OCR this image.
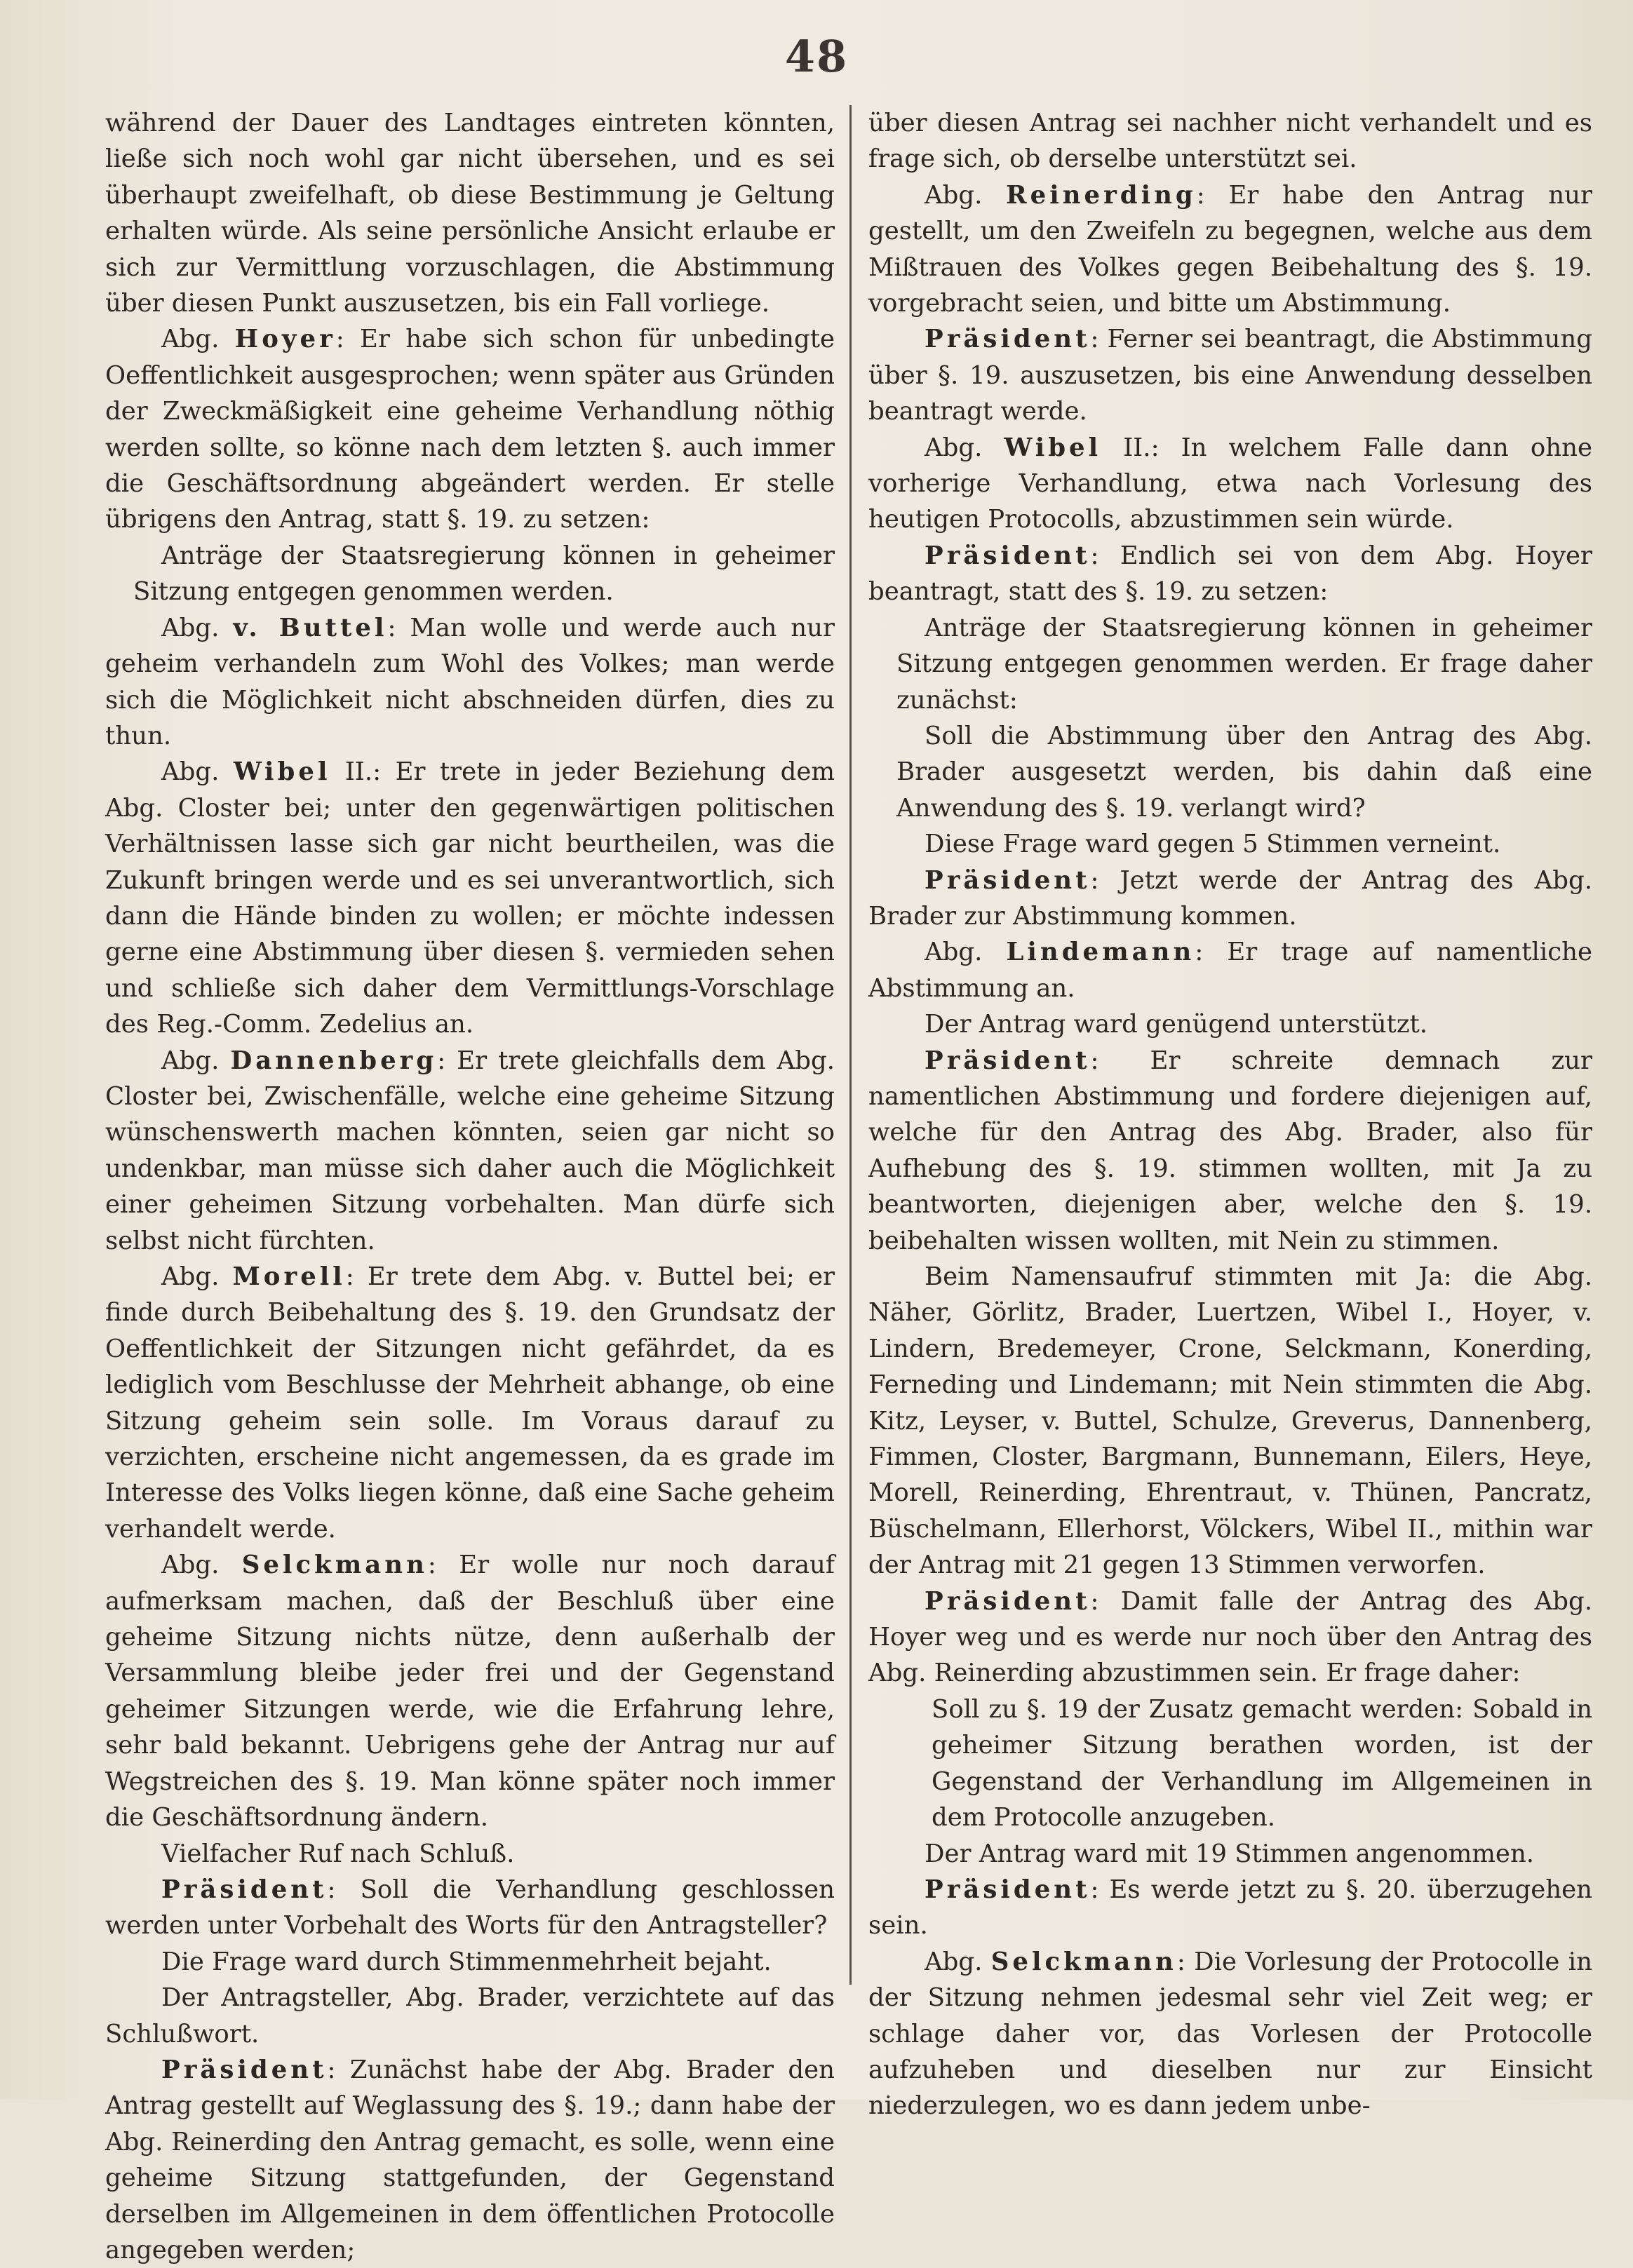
48

während der Dauer des Landtages eintreten könnten, ließe sich noch wohl gar nicht übersehen, und es sei überhaupt zweifelhaft, ob diese Bestimmung je Geltung erhalten würde. Als seine persönliche Ansicht erlaube er sich zur Vermittlung vorzuschlagen, die Abstimmung über diesen Punkt auszusetzen, bis ein Fall vorliege.

Abg. Hoyer: Er habe sich schon für unbedingte Oeffentlichkeit ausgesprochen; wenn später aus Gründen der Zweckmäßigkeit eine geheime Verhandlung nöthig werden sollte, so könne nach dem letzten §. auch immer die Geschäftsordnung abgeändert werden. Er stelle übrigens den Antrag, statt §. 19. zu setzen:

Anträge der Staatsregierung können in geheimer Sitzung entgegen genommen werden.

Abg. v. Buttel: Man wolle und werde auch nur geheim verhandeln zum Wohl des Volkes; man werde sich die Möglichkeit nicht abschneiden dürfen, dies zu thun.

Abg. Wibel II.: Er trete in jeder Beziehung dem Abg. Closter bei; unter den gegenwärtigen politischen Verhältnissen lasse sich gar nicht beurtheilen, was die Zukunft bringen werde und es sei unverantwortlich, sich dann die Hände binden zu wollen; er möchte indessen gerne eine Abstimmung über diesen §. vermieden sehen und schließe sich daher dem Vermittlungs-Vorschlage des Reg.-Comm. Zedelius an.

Abg. Dannenberg: Er trete gleichfalls dem Abg. Closter bei, Zwischenfälle, welche eine geheime Sitzung wünschenswerth machen könnten, seien gar nicht so undenkbar, man müsse sich daher auch die Möglichkeit einer geheimen Sitzung vorbehalten. Man dürfe sich selbst nicht fürchten.

Abg. Morell: Er trete dem Abg. v. Buttel bei; er finde durch Beibehaltung des §. 19. den Grundsatz der Oeffentlichkeit der Sitzungen nicht gefährdet, da es lediglich vom Beschlusse der Mehrheit abhange, ob eine Sitzung geheim sein solle. Im Voraus darauf zu verzichten, erscheine nicht angemessen, da es grade im Interesse des Volks liegen könne, daß eine Sache geheim verhandelt werde.

Abg. Selckmann: Er wolle nur noch darauf aufmerksam machen, daß der Beschluß über eine geheime Sitzung nichts nütze, denn außerhalb der Versammlung bleibe jeder frei und der Gegenstand geheimer Sitzungen werde, wie die Erfahrung lehre, sehr bald bekannt. Uebrigens gehe der Antrag nur auf Wegstreichen des §. 19. Man könne später noch immer die Geschäftsordnung ändern.

Vielfacher Ruf nach Schluß.

Präsident: Soll die Verhandlung geschlossen werden unter Vorbehalt des Worts für den Antragsteller?

Die Frage ward durch Stimmenmehrheit bejaht.

Der Antragsteller, Abg. Brader, verzichtete auf das Schlußwort.

Präsident: Zunächst habe der Abg. Brader den Antrag gestellt auf Weglassung des §. 19.; dann habe der Abg. Reinerding den Antrag gemacht, es solle, wenn eine geheime Sitzung stattgefunden, der Gegenstand derselben im Allgemeinen in dem öffentlichen Protocolle angegeben werden;

über diesen Antrag sei nachher nicht verhandelt und es frage sich, ob derselbe unterstützt sei.

Abg. Reinerding: Er habe den Antrag nur gestellt, um den Zweifeln zu begegnen, welche aus dem Mißtrauen des Volkes gegen Beibehaltung des §. 19. vorgebracht seien, und bitte um Abstimmung.

Präsident: Ferner sei beantragt, die Abstimmung über §. 19. auszusetzen, bis eine Anwendung desselben beantragt werde.

Abg. Wibel II.: In welchem Falle dann ohne vorherige Verhandlung, etwa nach Vorlesung des heutigen Protocolls, abzustimmen sein würde.

Präsident: Endlich sei von dem Abg. Hoyer beantragt, statt des §. 19. zu setzen:

Anträge der Staatsregierung können in geheimer Sitzung entgegen genommen werden. Er frage daher zunächst:

Soll die Abstimmung über den Antrag des Abg. Brader ausgesetzt werden, bis dahin daß eine Anwendung des §. 19. verlangt wird?

Diese Frage ward gegen 5 Stimmen verneint.

Präsident: Jetzt werde der Antrag des Abg. Brader zur Abstimmung kommen.

Abg. Lindemann: Er trage auf namentliche Abstimmung an.

Der Antrag ward genügend unterstützt.

Präsident: Er schreite demnach zur namentlichen Abstimmung und fordere diejenigen auf, welche für den Antrag des Abg. Brader, also für Aufhebung des §. 19. stimmen wollten, mit Ja zu beantworten, diejenigen aber, welche den §. 19. beibehalten wissen wollten, mit Nein zu stimmen.

Beim Namensaufruf stimmten mit Ja: die Abg. Näher, Görlitz, Brader, Luertzen, Wibel I., Hoyer, v. Lindern, Bredemeyer, Crone, Selckmann, Konerding, Ferneding und Lindemann; mit Nein stimmten die Abg. Kitz, Leyser, v. Buttel, Schulze, Greverus, Dannenberg, Fimmen, Closter, Bargmann, Bunnemann, Eilers, Heye, Morell, Reinerding, Ehrentraut, v. Thünen, Pancratz, Büschelmann, Ellerhorst, Völckers, Wibel II., mithin war der Antrag mit 21 gegen 13 Stimmen verworfen.

Präsident: Damit falle der Antrag des Abg. Hoyer weg und es werde nur noch über den Antrag des Abg. Reinerding abzustimmen sein. Er frage daher:

Soll zu §. 19 der Zusatz gemacht werden: Sobald in geheimer Sitzung berathen worden, ist der Gegenstand der Verhandlung im Allgemeinen in dem Protocolle anzugeben.

Der Antrag ward mit 19 Stimmen angenommen.

Präsident: Es werde jetzt zu §. 20. überzugehen sein.

Abg. Selckmann: Die Vorlesung der Protocolle in der Sitzung nehmen jedesmal sehr viel Zeit weg; er schlage daher vor, das Vorlesen der Protocolle aufzuheben und dieselben nur zur Einsicht niederzulegen, wo es dann jedem unbe-
